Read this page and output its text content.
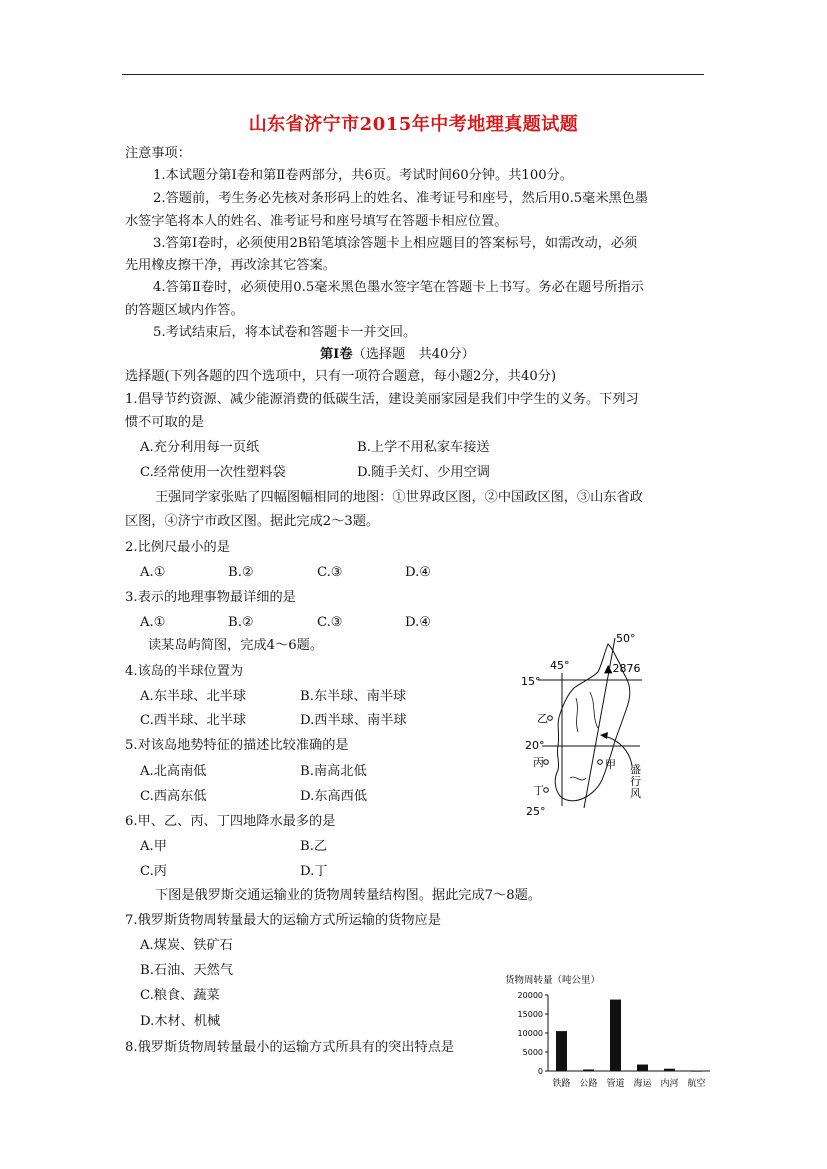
山东省济宁市2015年中考地理真题试题
注意事项：
1.本试题分第Ⅰ卷和第Ⅱ卷两部分，共6页。考试时间60分钟。共100分。
2.答题前，考生务必先核对条形码上的姓名、准考证号和座号，然后用0.5毫米黑色墨
水签字笔将本人的姓名、准考证号和座号填写在答题卡相应位置。
3.答第Ⅰ卷时，必须使用2B铅笔填涂答题卡上相应题目的答案标号，如需改动，必须
先用橡皮擦干净，再改涂其它答案。
4.答第Ⅱ卷时，必须使用0.5毫米黑色墨水签字笔在答题卡上书写。务必在题号所指示
的答题区域内作答。
5.考试结束后，将本试卷和答题卡一并交回。
第Ⅰ卷（选择题　共40分）
选择题(下列各题的四个选项中，只有一项符合题意，每小题2分，共40分)
1.倡导节约资源、减少能源消费的低碳生活，建设美丽家园是我们中学生的义务。下列习
惯不可取的是
A.充分利用每一页纸	B.上学不用私家车接送
C.经常使用一次性塑料袋	D.随手关灯、少用空调
王强同学家张贴了四幅图幅相同的地图：①世界政区图，②中国政区图，③山东省政
区图，④济宁市政区图。据此完成2～3题。
2.比例尺最小的是
A.①	B.②	C.③	D.④
3.表示的地理事物最详细的是
A.①	B.②	C.③	D.④
读某岛屿简图，完成4～6题。
4.该岛的半球位置为
A.东半球、北半球	B.东半球、南半球
C.西半球、北半球	D.西半球、南半球
5.对该岛地势特征的描述比较准确的是
A.北高南低	B.南高北低
C.西高东低	D.东高西低
6.甲、乙、丙、丁四地降水最多的是
A.甲	B.乙
C.丙	D.丁
下图是俄罗斯交通运输业的货物周转量结构图。据此完成7～8题。
7.俄罗斯货物周转量最大的运输方式所运输的货物应是
A.煤炭、铁矿石
B.石油、天然气
C.粮食、蔬菜
D.木材、机械
8.俄罗斯货物周转量最小的运输方式所具有的突出特点是
50°
45°	▲2876
15°
20°
25°
乙
丙	甲
丁
盛
行
风
货物周转量（吨公里）
0
5000
10000
15000
20000
铁路 公路 管道 海运 内河 航空
